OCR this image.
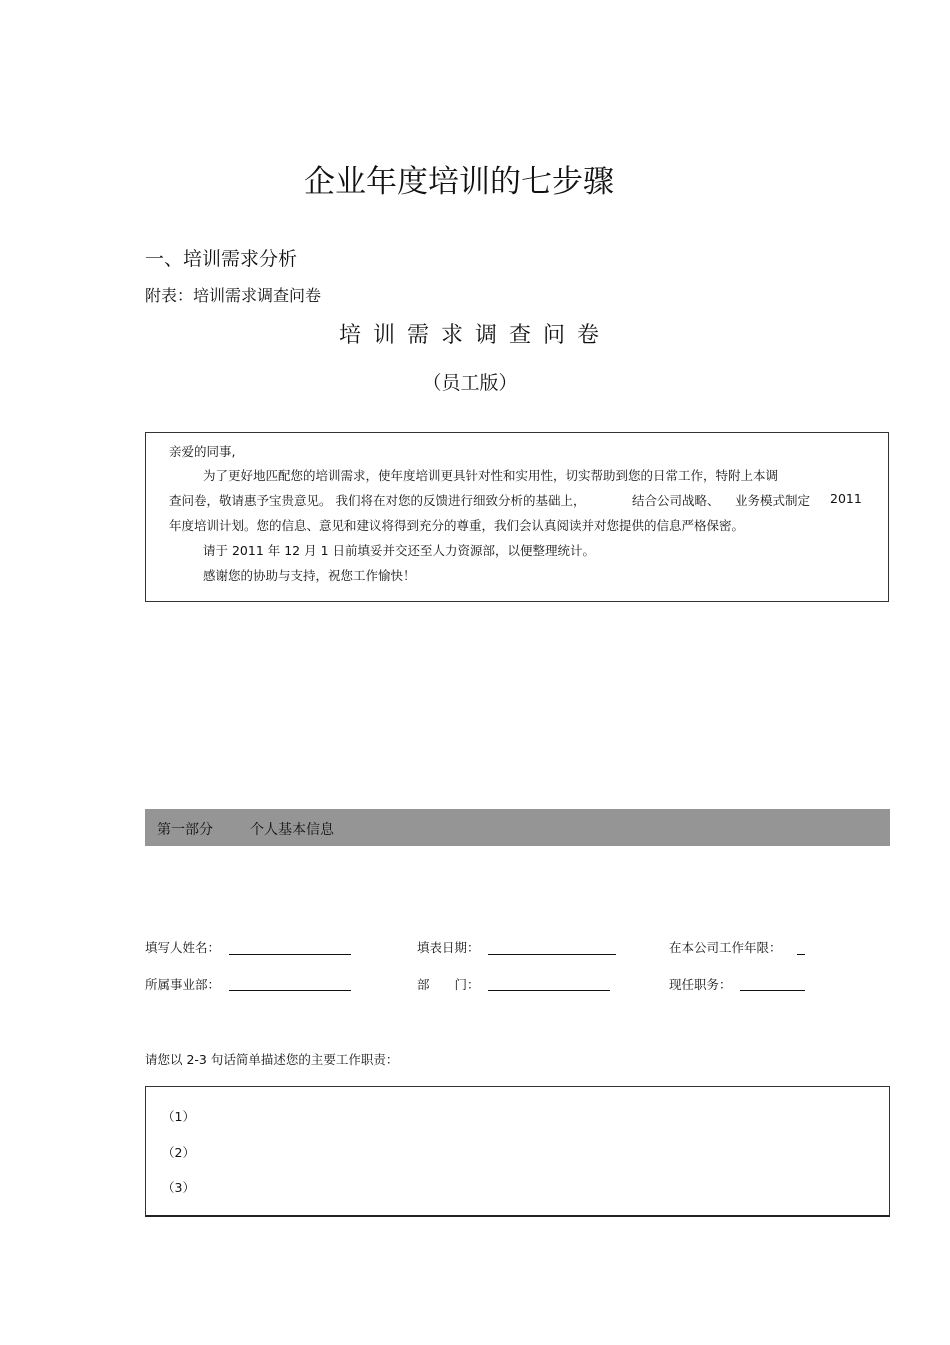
企业年度培训的七步骤
一、培训需求分析
附表：培训需求调查问卷
培训需求调查问卷
（员工版）
亲爱的同事,
为了更好地匹配您的培训需求，使年度培训更具针对性和实用性，切实帮助到您的日常工作，特附上本调
查问卷，敬请惠予宝贵意见。 我们将在对您的反馈进行细致分析的基础上，	结合公司战略、 业务模式制定 2011
年度培训计划。您的信息、意见和建议将得到充分的尊重，我们会认真阅读并对您提供的信息严格保密。
请于 2011 年 12 月 1 日前填妥并交还至人力资源部，以便整理统计。
感谢您的协助与支持，祝您工作愉快！
第一部分	个人基本信息
填写人姓名：	填表日期：	在本公司工作年限：
所属事业部：	部　　门：	现任职务：
请您以 2-3 句话简单描述您的主要工作职责：
（1）
（2）
（3）
